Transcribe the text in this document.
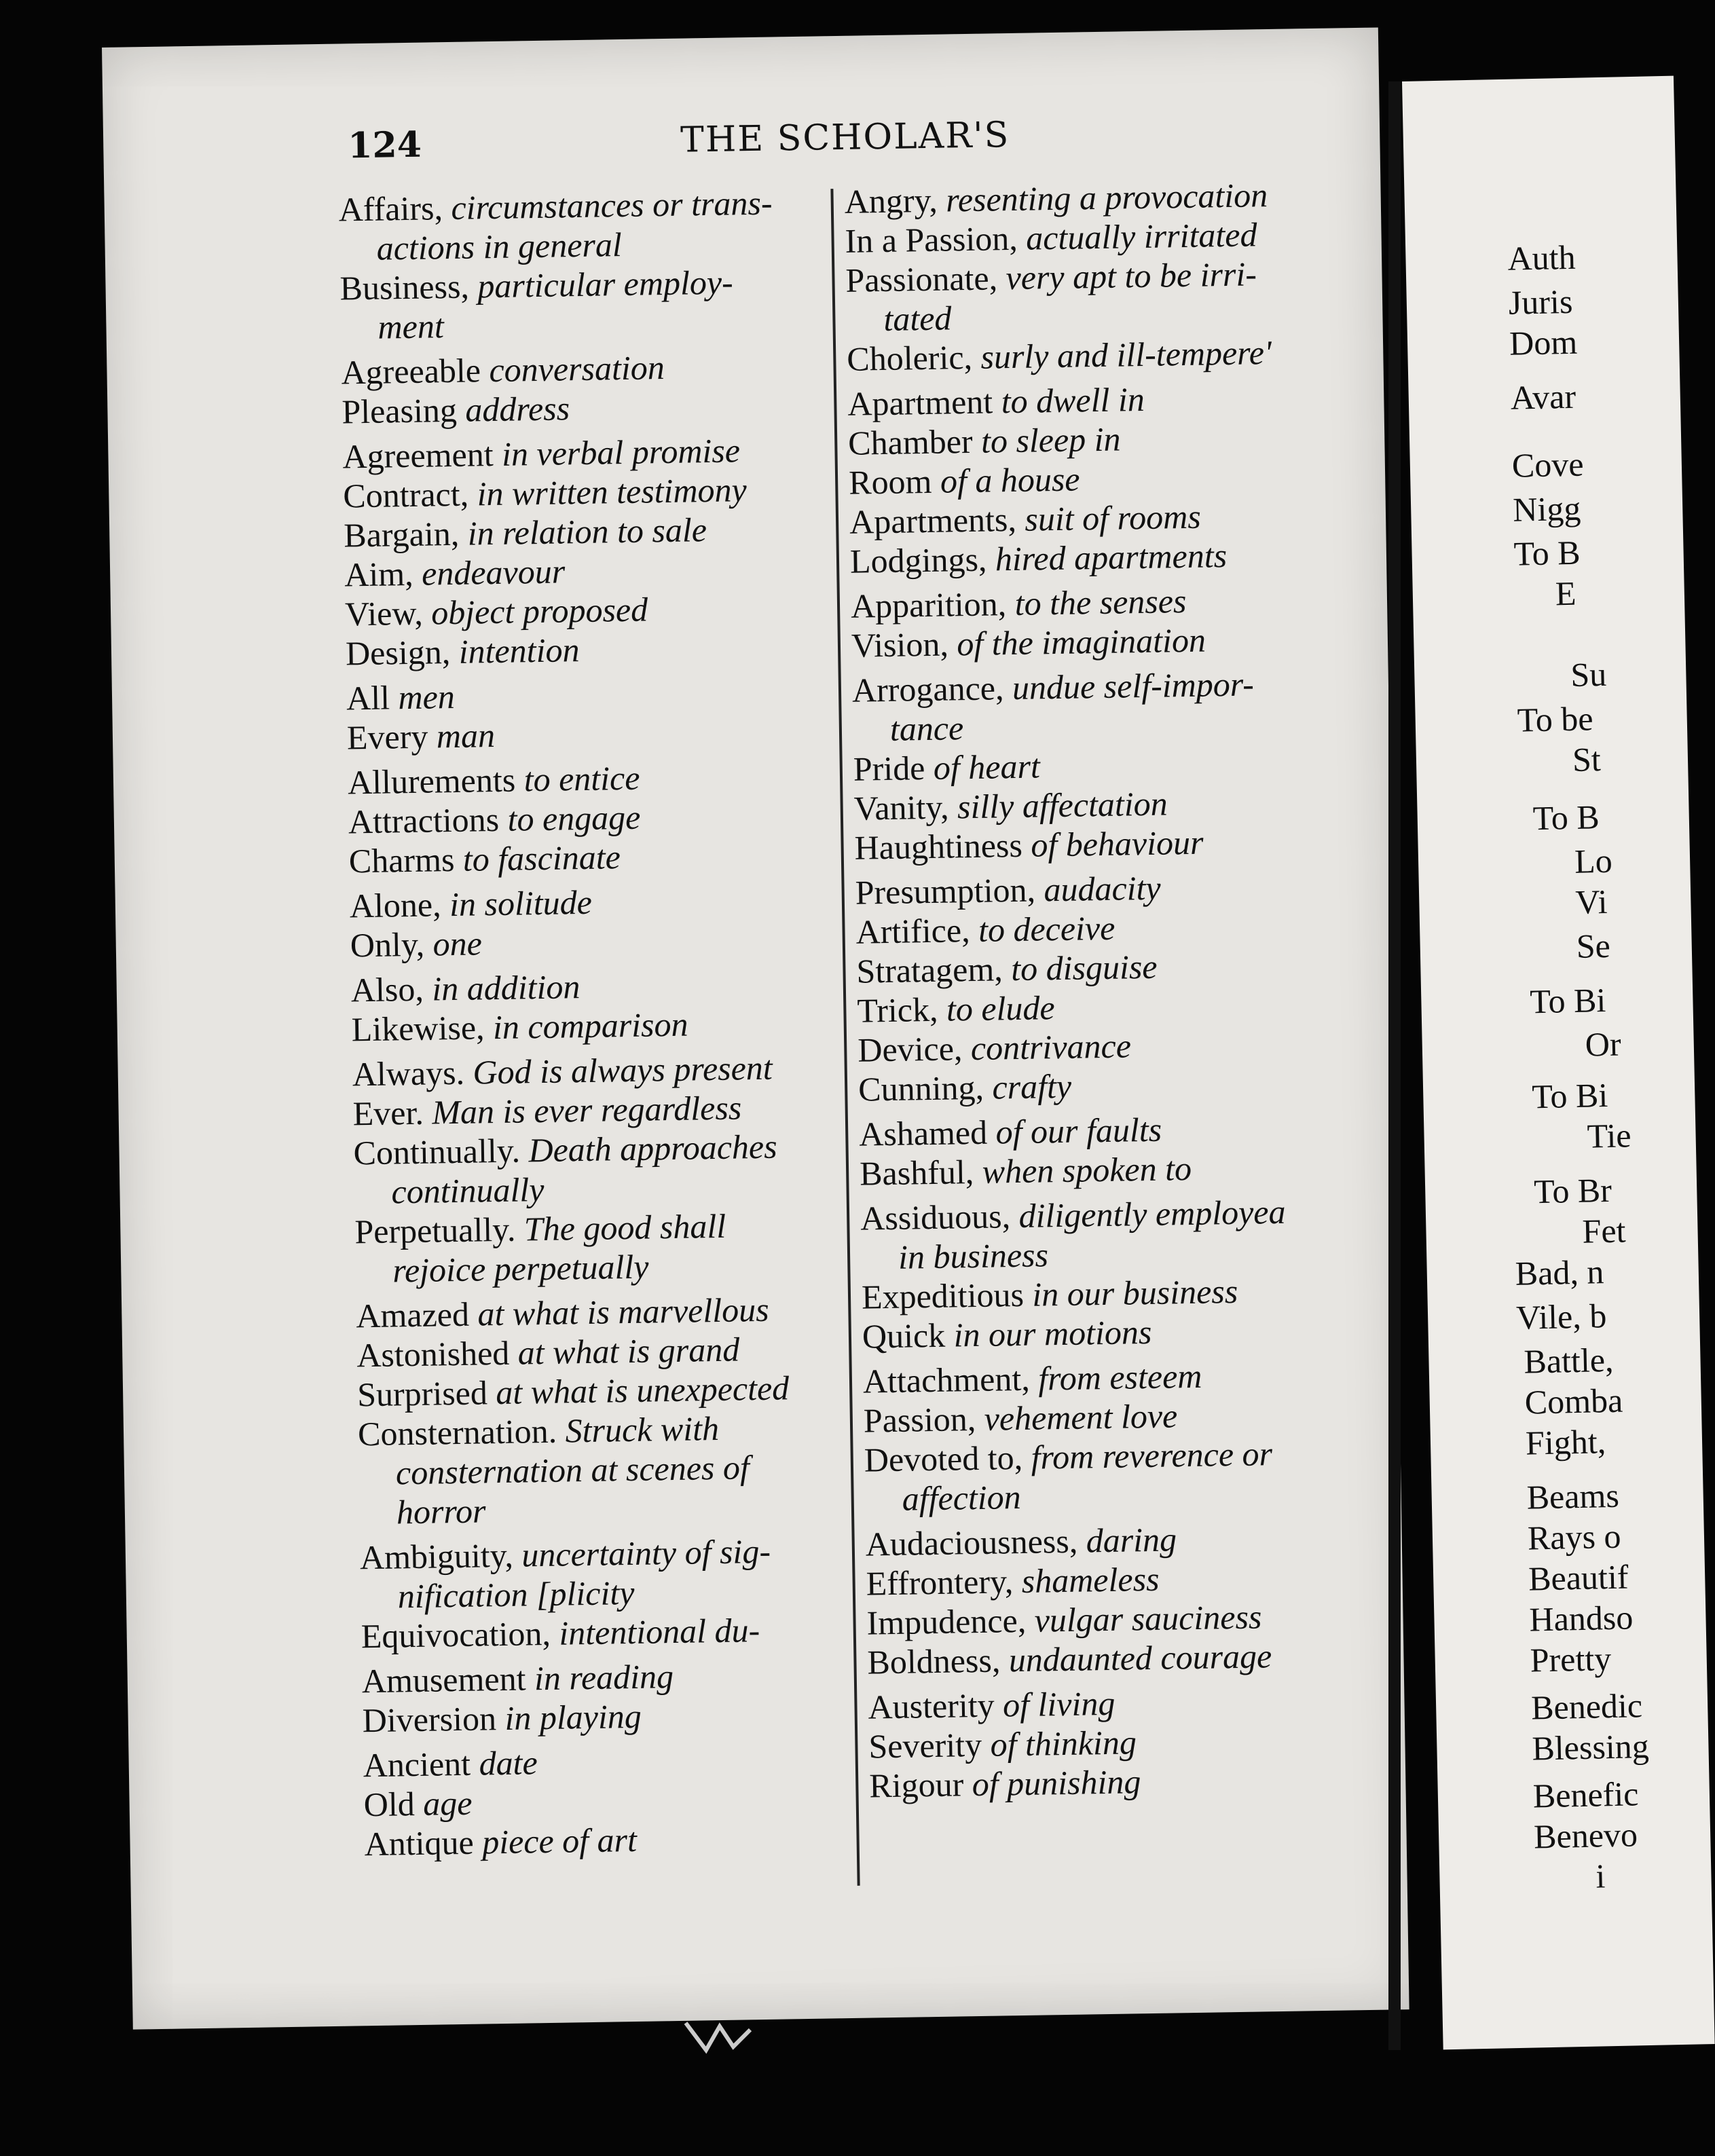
124	THE SCHOLAR'S
Affairs, circumstances or trans-
actions in general
Business, particular employ-
ment
Agreeable conversation
Pleasing address
Agreement in verbal promise
Contract, in written testimony
Bargain, in relation to sale
Aim, endeavour
View, object proposed
Design, intention
All men
Every man
Allurements to entice
Attractions to engage
Charms to fascinate
Alone, in solitude
Only, one
Also, in addition
Likewise, in comparison
Always. God is always present
Ever. Man is ever regardless
Continually. Death approaches
continually
Perpetually. The good shall
rejoice perpetually
Amazed at what is marvellous
Astonished at what is grand
Surprised at what is unexpected
Consternation. Struck with
consternation at scenes of
horror
Ambiguity, uncertainty of sig-
nification [plicity
Equivocation, intentional du-
Amusement in reading
Diversion in playing
Ancient date
Old age
Antique piece of art
Angry, resenting a provocation
In a Passion, actually irritated
Passionate, very apt to be irri-
tated
Choleric, surly and ill-tempere'
Apartment to dwell in
Chamber to sleep in
Room of a house
Apartments, suit of rooms
Lodgings, hired apartments
Apparition, to the senses
Vision, of the imagination
Arrogance, undue self-impor-
tance
Pride of heart
Vanity, silly affectation
Haughtiness of behaviour
Presumption, audacity
Artifice, to deceive
Stratagem, to disguise
Trick, to elude
Device, contrivance
Cunning, crafty
Ashamed of our faults
Bashful, when spoken to
Assiduous, diligently employea
in business
Expeditious in our business
Quick in our motions
Attachment, from esteem
Passion, vehement love
Devoted to, from reverence or
affection
Audaciousness, daring
Effrontery, shameless
Impudence, vulgar sauciness
Boldness, undaunted courage
Austerity of living
Severity of thinking
Rigour of punishing
Auth
Juris
Dom
Avar
Cove
Nigg
To B
E
Su
To be
St
To B
Lo
Vi
Se
To Bi
Or
To Bi
Tie
To Br
Fet
Bad, n
Vile, b
Battle,
Comba
Fight,
Beams
Rays o
Beautif
Handso
Pretty
Benedic
Blessing
Benefic
Benevo
i
